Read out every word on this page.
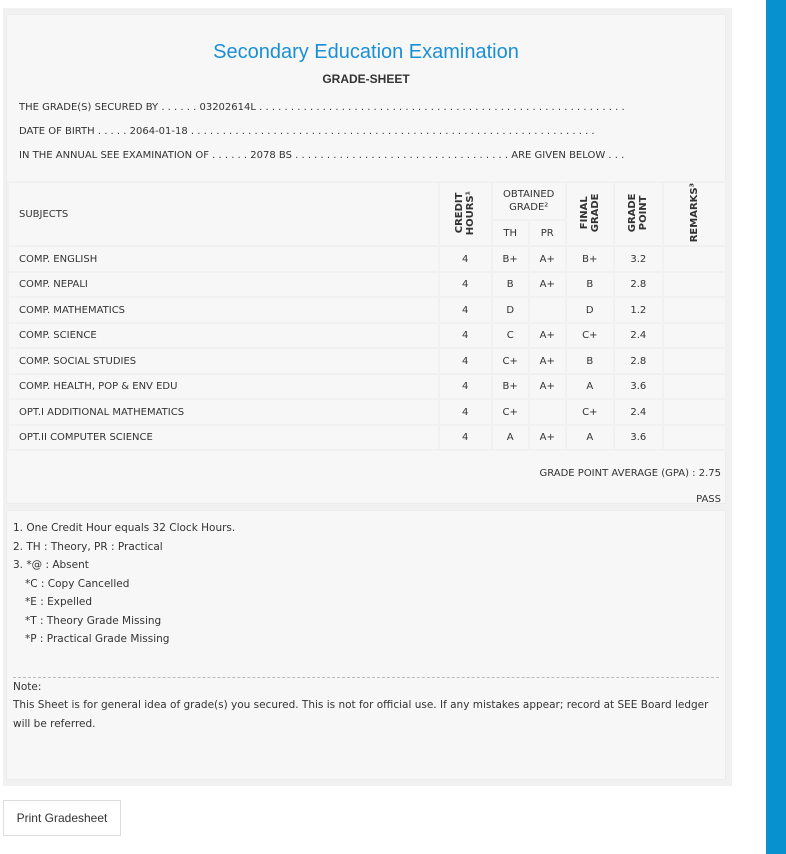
Secondary Education Examination
GRADE-SHEET
THE GRADE(S) SECURED BY . . . . . . 03202614L . . . . . . . . . . . . . . . . . . . . . . . . . . . . . . . . . . . . . . . . . . . . . . . . . . . . . . . . . .
DATE OF BIRTH . . . . . 2064-01-18 . . . . . . . . . . . . . . . . . . . . . . . . . . . . . . . . . . . . . . . . . . . . . . . . . . . . . . . . . . . . . . . .
IN THE ANNUAL SEE EXAMINATION OF . . . . . . 2078 BS . . . . . . . . . . . . . . . . . . . . . . . . . . . . . . . . . . ARE GIVEN BELOW . . .
SUBJECTS	CREDIT HOURS¹	OBTAINED GRADE²		FINAL GRADE	GRADE POINT	REMARKS³
		TH	PR			
COMP. ENGLISH	4	B+	A+	B+	3.2	
COMP. NEPALI	4	B	A+	B	2.8	
COMP. MATHEMATICS	4	D		D	1.2	
COMP. SCIENCE	4	C	A+	C+	2.4	
COMP. SOCIAL STUDIES	4	C+	A+	B	2.8	
COMP. HEALTH, POP & ENV EDU	4	B+	A+	A	3.6	
OPT.I ADDITIONAL MATHEMATICS	4	C+		C+	2.4	
OPT.II COMPUTER SCIENCE	4	A	A+	A	3.6	
GRADE POINT AVERAGE (GPA) : 2.75
PASS
1. One Credit Hour equals 32 Clock Hours.
2. TH : Theory, PR : Practical
3. *@ : Absent
*C : Copy Cancelled
*E : Expelled
*T : Theory Grade Missing
*P : Practical Grade Missing
Note:
This Sheet is for general idea of grade(s) you secured. This is not for official use. If any mistakes appear; record at SEE Board ledger will be referred.
Print Gradesheet
